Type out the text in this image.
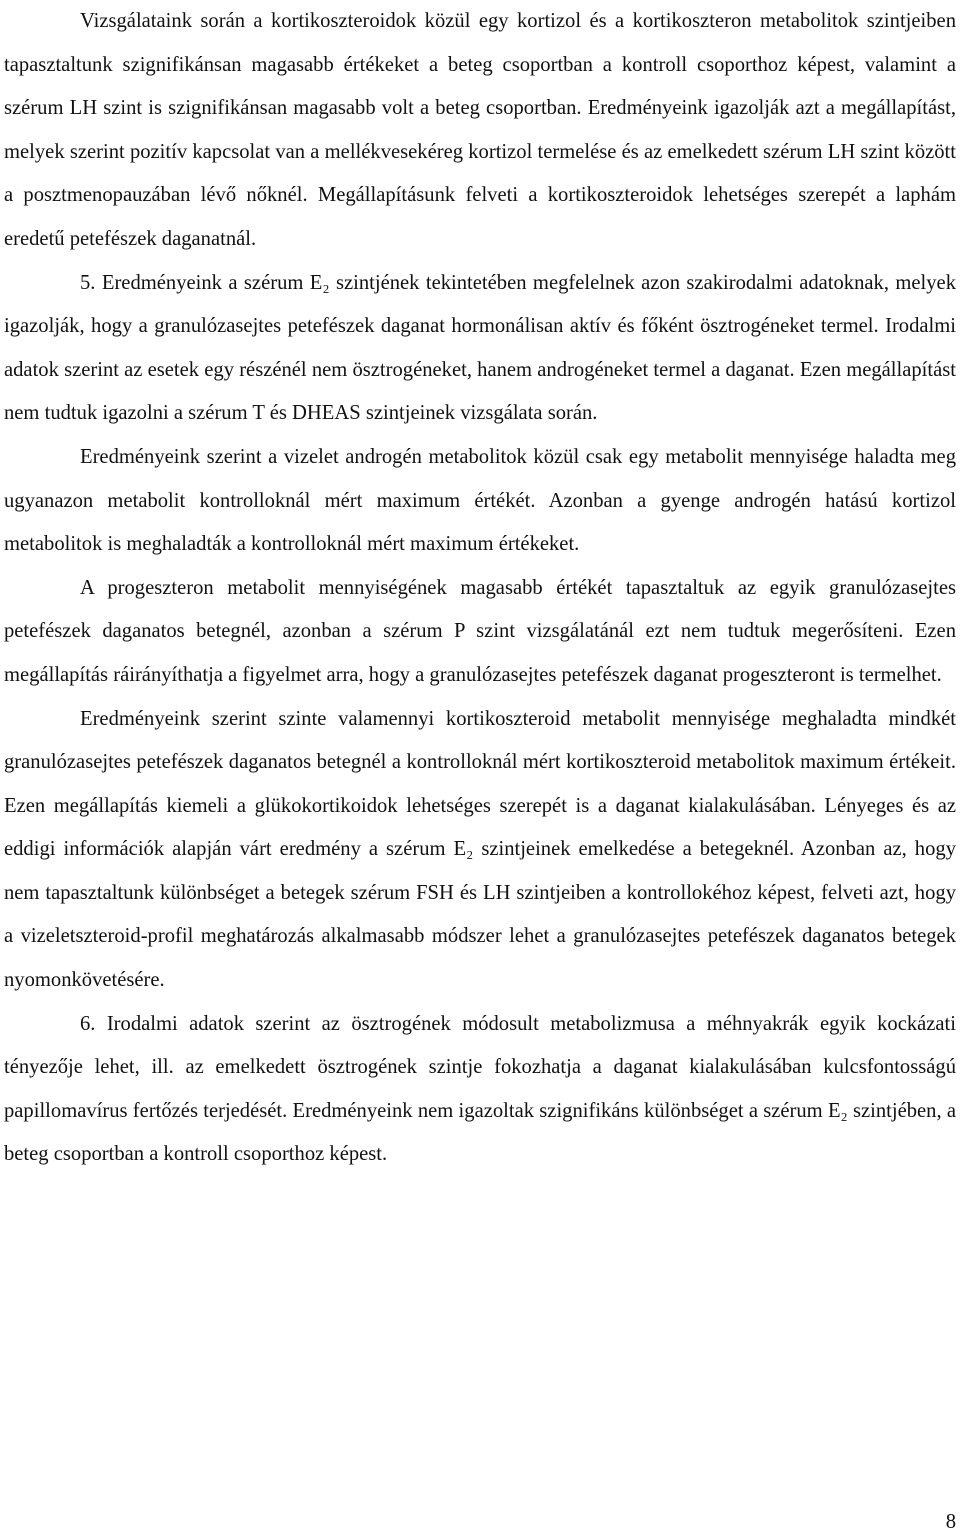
Vizsgálataink során a kortikoszteroidok közül egy kortizol és a kortikoszteron metabolitok szintjeiben tapasztaltunk szignifikánsan magasabb értékeket a beteg csoportban a kontroll csoporthoz képest, valamint a szérum LH szint is szignifikánsan magasabb volt a beteg csoportban. Eredményeink igazolják azt a megállapítást, melyek szerint pozitív kapcsolat van a mellékvesekéreg kortizol termelése és az emelkedett szérum LH szint között a posztmenopauzában lévő nőknél. Megállapításunk felveti a kortikoszteroidok lehetséges szerepét a laphám eredetű petefészek daganatnál.

5. Eredményeink a szérum E₂ szintjének tekintetében megfelelnek azon szakirodalmi adatoknak, melyek igazolják, hogy a granulózasejtes petefészek daganat hormonálisan aktív és főként ösztrogéneket termel. Irodalmi adatok szerint az esetek egy részénél nem ösztrogéneket, hanem androgéneket termel a daganat. Ezen megállapítást nem tudtuk igazolni a szérum T és DHEAS szintjeinek vizsgálata során.

Eredményeink szerint a vizelet androgén metabolitok közül csak egy metabolit mennyisége haladta meg ugyanazon metabolit kontrolloknál mért maximum értékét. Azonban a gyenge androgén hatású kortizol metabolitok is meghaladták a kontrolloknál mért maximum értékeket.

A progeszteron metabolit mennyiségének magasabb értékét tapasztaltuk az egyik granulózasejtes petefészek daganatos betegnél, azonban a szérum P szint vizsgálatánál ezt nem tudtuk megerősíteni. Ezen megállapítás ráirányíthatja a figyelmet arra, hogy a granulózasejtes petefészek daganat progeszteront is termelhet.

Eredményeink szerint szinte valamennyi kortikoszteroid metabolit mennyisége meghaladta mindkét granulózasejtes petefészek daganatos betegnél a kontrolloknál mért kortikoszteroid metabolitok maximum értékeit. Ezen megállapítás kiemeli a glükokortikoidok lehetséges szerepét is a daganat kialakulásában. Lényeges és az eddigi információk alapján várt eredmény a szérum E₂ szintjeinek emelkedése a betegeknél. Azonban az, hogy nem tapasztaltunk különbséget a betegek szérum FSH és LH szintjeiben a kontrollokéhoz képest, felveti azt, hogy a vizeletszteroid-profil meghatározás alkalmasabb módszer lehet a granulózasejtes petefészek daganatos betegek nyomonkövetésére.

6. Irodalmi adatok szerint az ösztrogének módosult metabolizmusa a méhnyakrák egyik kockázati tényezője lehet, ill. az emelkedett ösztrogének szintje fokozhatja a daganat kialakulásában kulcsfontosságú papillomavírus fertőzés terjedését. Eredményeink nem igazoltak szignifikáns különbséget a szérum E₂ szintjében, a beteg csoportban a kontroll csoporthoz képest.

8
